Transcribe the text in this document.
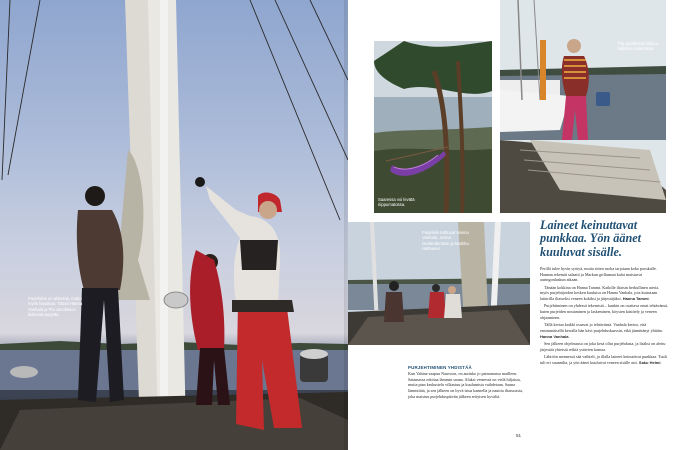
Purjehdus on ahkeraa, mutta myös hauskaa. Tässä Hanna Vanhala ja Pia Jacobsson laskevat purjetta.
Saaressa voi levätä riippumatossa.
Pia Jacobsson liikkuu kaikkien satamissa.
Purjeisiin tarttuvat Hanna Vanhala, Jenna Gerlandersson ja Markku Halttunen.
Laineet keinuttavat punkkaa. Yön äänet kuuluvat sisälle.

Perillä tulee hyvin syötyä, mutta sitten ruoka tarjotaan koko porukalle. Hannan tekemät salaatit ja Markun grillaamat kalat maistuvat auringonlaskun aikaan.

Tänään kokkina on Hanna Tammi. Kaikille iltaisin herkullinen ateria, myös purjehtijoiden kesken kuuluisa on Hanna Vanhala, jota kutsutaan laiturilla iltaiseksi veneen kokiksi ja järjestäjäksi. Hanna Tammi.

Purjehtiminen on yhdessä tekemistä – kunkin on osattava omat tehtävänsä, kuten purjeiden nostaminen ja laskeminen, köysien käsittely ja veneen ohjaaminen.

Tällä kertaa kaikki osaavat jo tehtävänsä. Vanhala kertoo, että ensimmäisellä kerralla hän kävi purjehduskurssin, eikä jännittänyt yhtään. Hanna Vanhala.

Sen jälkeen ohjelmassa on joka kesä ollut purjehdusta, ja lisäksi on alettu järjestää yhteisiä retkiä ystävien kanssa.

Lähtöön mennessä sää vaihteli, ja illalla laineet keinuttivat punkkaa. Tuuli tuli eri suunnilta, ja yön äänet kuuluivat veneen sisälle asti. Saku Helmi.

PURJEHTIMINEN YHDISTÄÄ

Kun Vahine saapuu Nauvoon, on aurinko jo painumassa mailleen. Satamassa odottaa lämmin sauna. Aluksi veneessä on vielä hiljaista, mutta pian keskustelu vilkastuu ja kuulumisia vaihdetaan. Sauna lämmittää, ja sen jälkeen on hyvä istua kannella ja nauttia iltaruoasta, joka maistuu purjehduspäivän jälkeen erityisen hyvältä.

51
